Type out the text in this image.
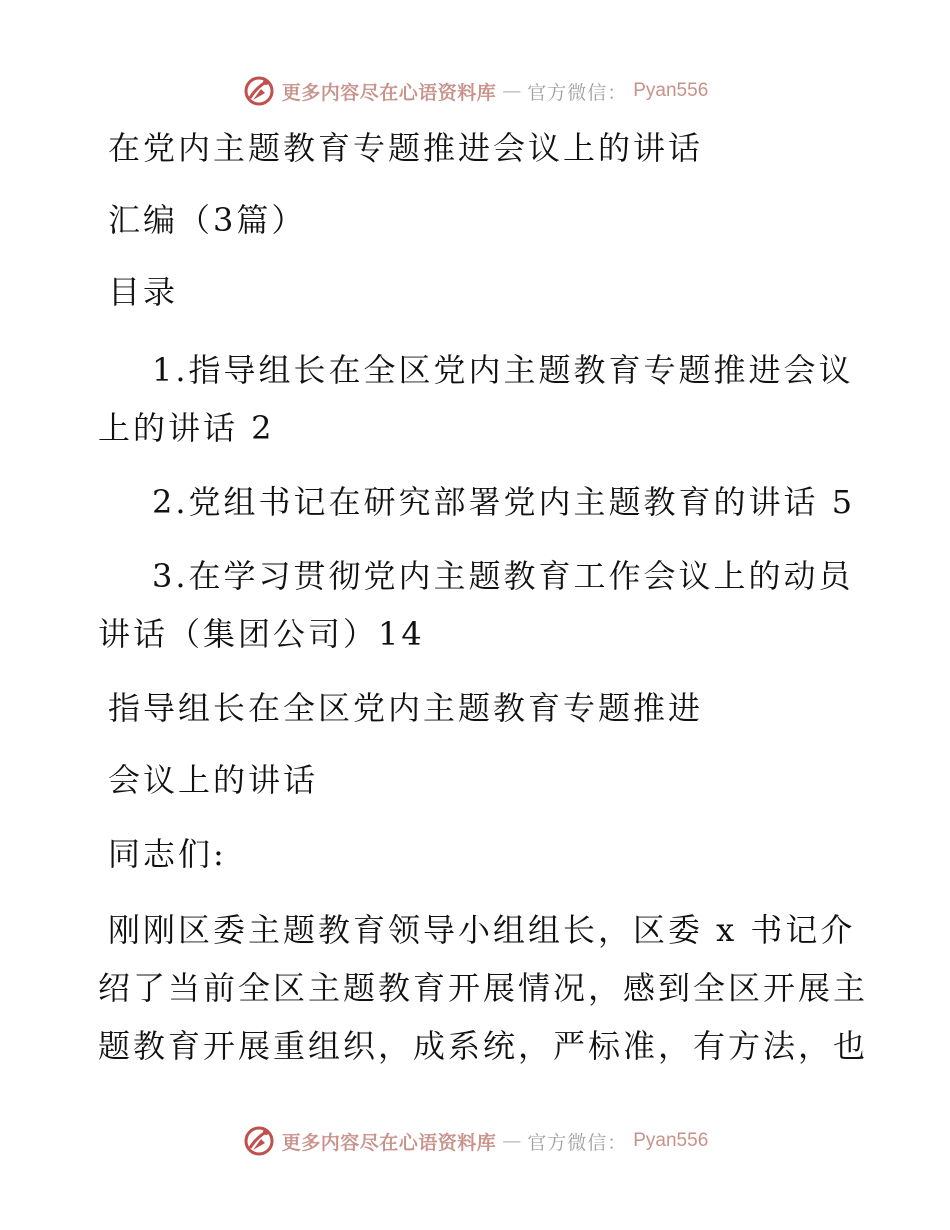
更多内容尽在心语资料库 — 官方微信： Pyan556
在党内主题教育专题推进会议上的讲话
汇编（3篇）
目录
1.指导组长在全区党内主题教育专题推进会议
上的讲话 2
2.党组书记在研究部署党内主题教育的讲话 5
3.在学习贯彻党内主题教育工作会议上的动员
讲话（集团公司）14
指导组长在全区党内主题教育专题推进
会议上的讲话
同志们:
刚刚区委主题教育领导小组组长，区委 x 书记介
绍了当前全区主题教育开展情况，感到全区开展主
题教育开展重组织，成系统，严标准，有方法，也
更多内容尽在心语资料库 — 官方微信： Pyan556
